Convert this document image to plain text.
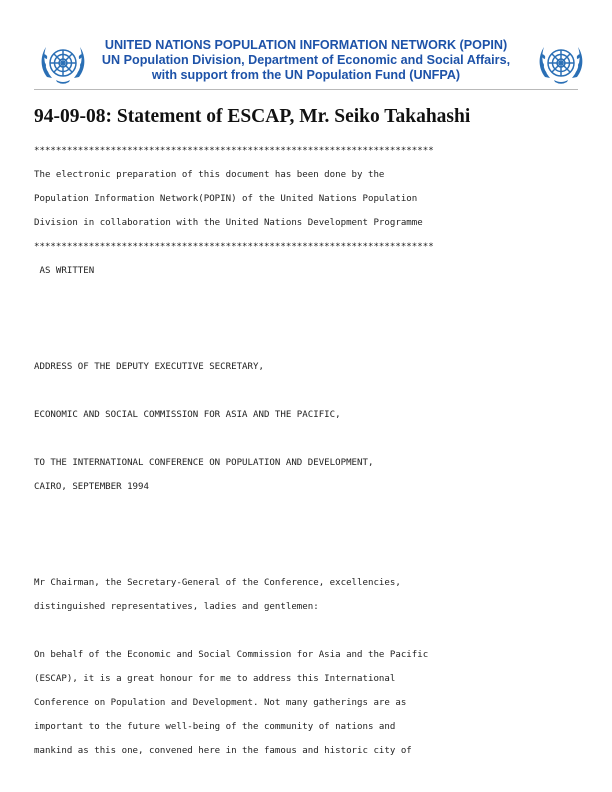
UNITED NATIONS POPULATION INFORMATION NETWORK (POPIN)
UN Population Division, Department of Economic and Social Affairs,
with support from the UN Population Fund (UNFPA)
94-09-08: Statement of ESCAP, Mr. Seiko Takahashi
*************************************************************************
The electronic preparation of this document has been done by the
Population Information Network(POPIN) of the United Nations Population
Division in collaboration with the United Nations Development Programme
*************************************************************************
AS WRITTEN
ADDRESS OF THE DEPUTY EXECUTIVE SECRETARY,
ECONOMIC AND SOCIAL COMMISSION FOR ASIA AND THE PACIFIC,
TO THE INTERNATIONAL CONFERENCE ON POPULATION AND DEVELOPMENT,
CAIRO, SEPTEMBER 1994
Mr Chairman, the Secretary-General of the Conference, excellencies,
distinguished representatives, ladies and gentlemen:
On behalf of the Economic and Social Commission for Asia and the Pacific
(ESCAP), it is a great honour for me to address this International
Conference on Population and Development. Not many gatherings are as
important to the future well-being of the community of nations and
mankind as this one, convened here in the famous and historic city of
